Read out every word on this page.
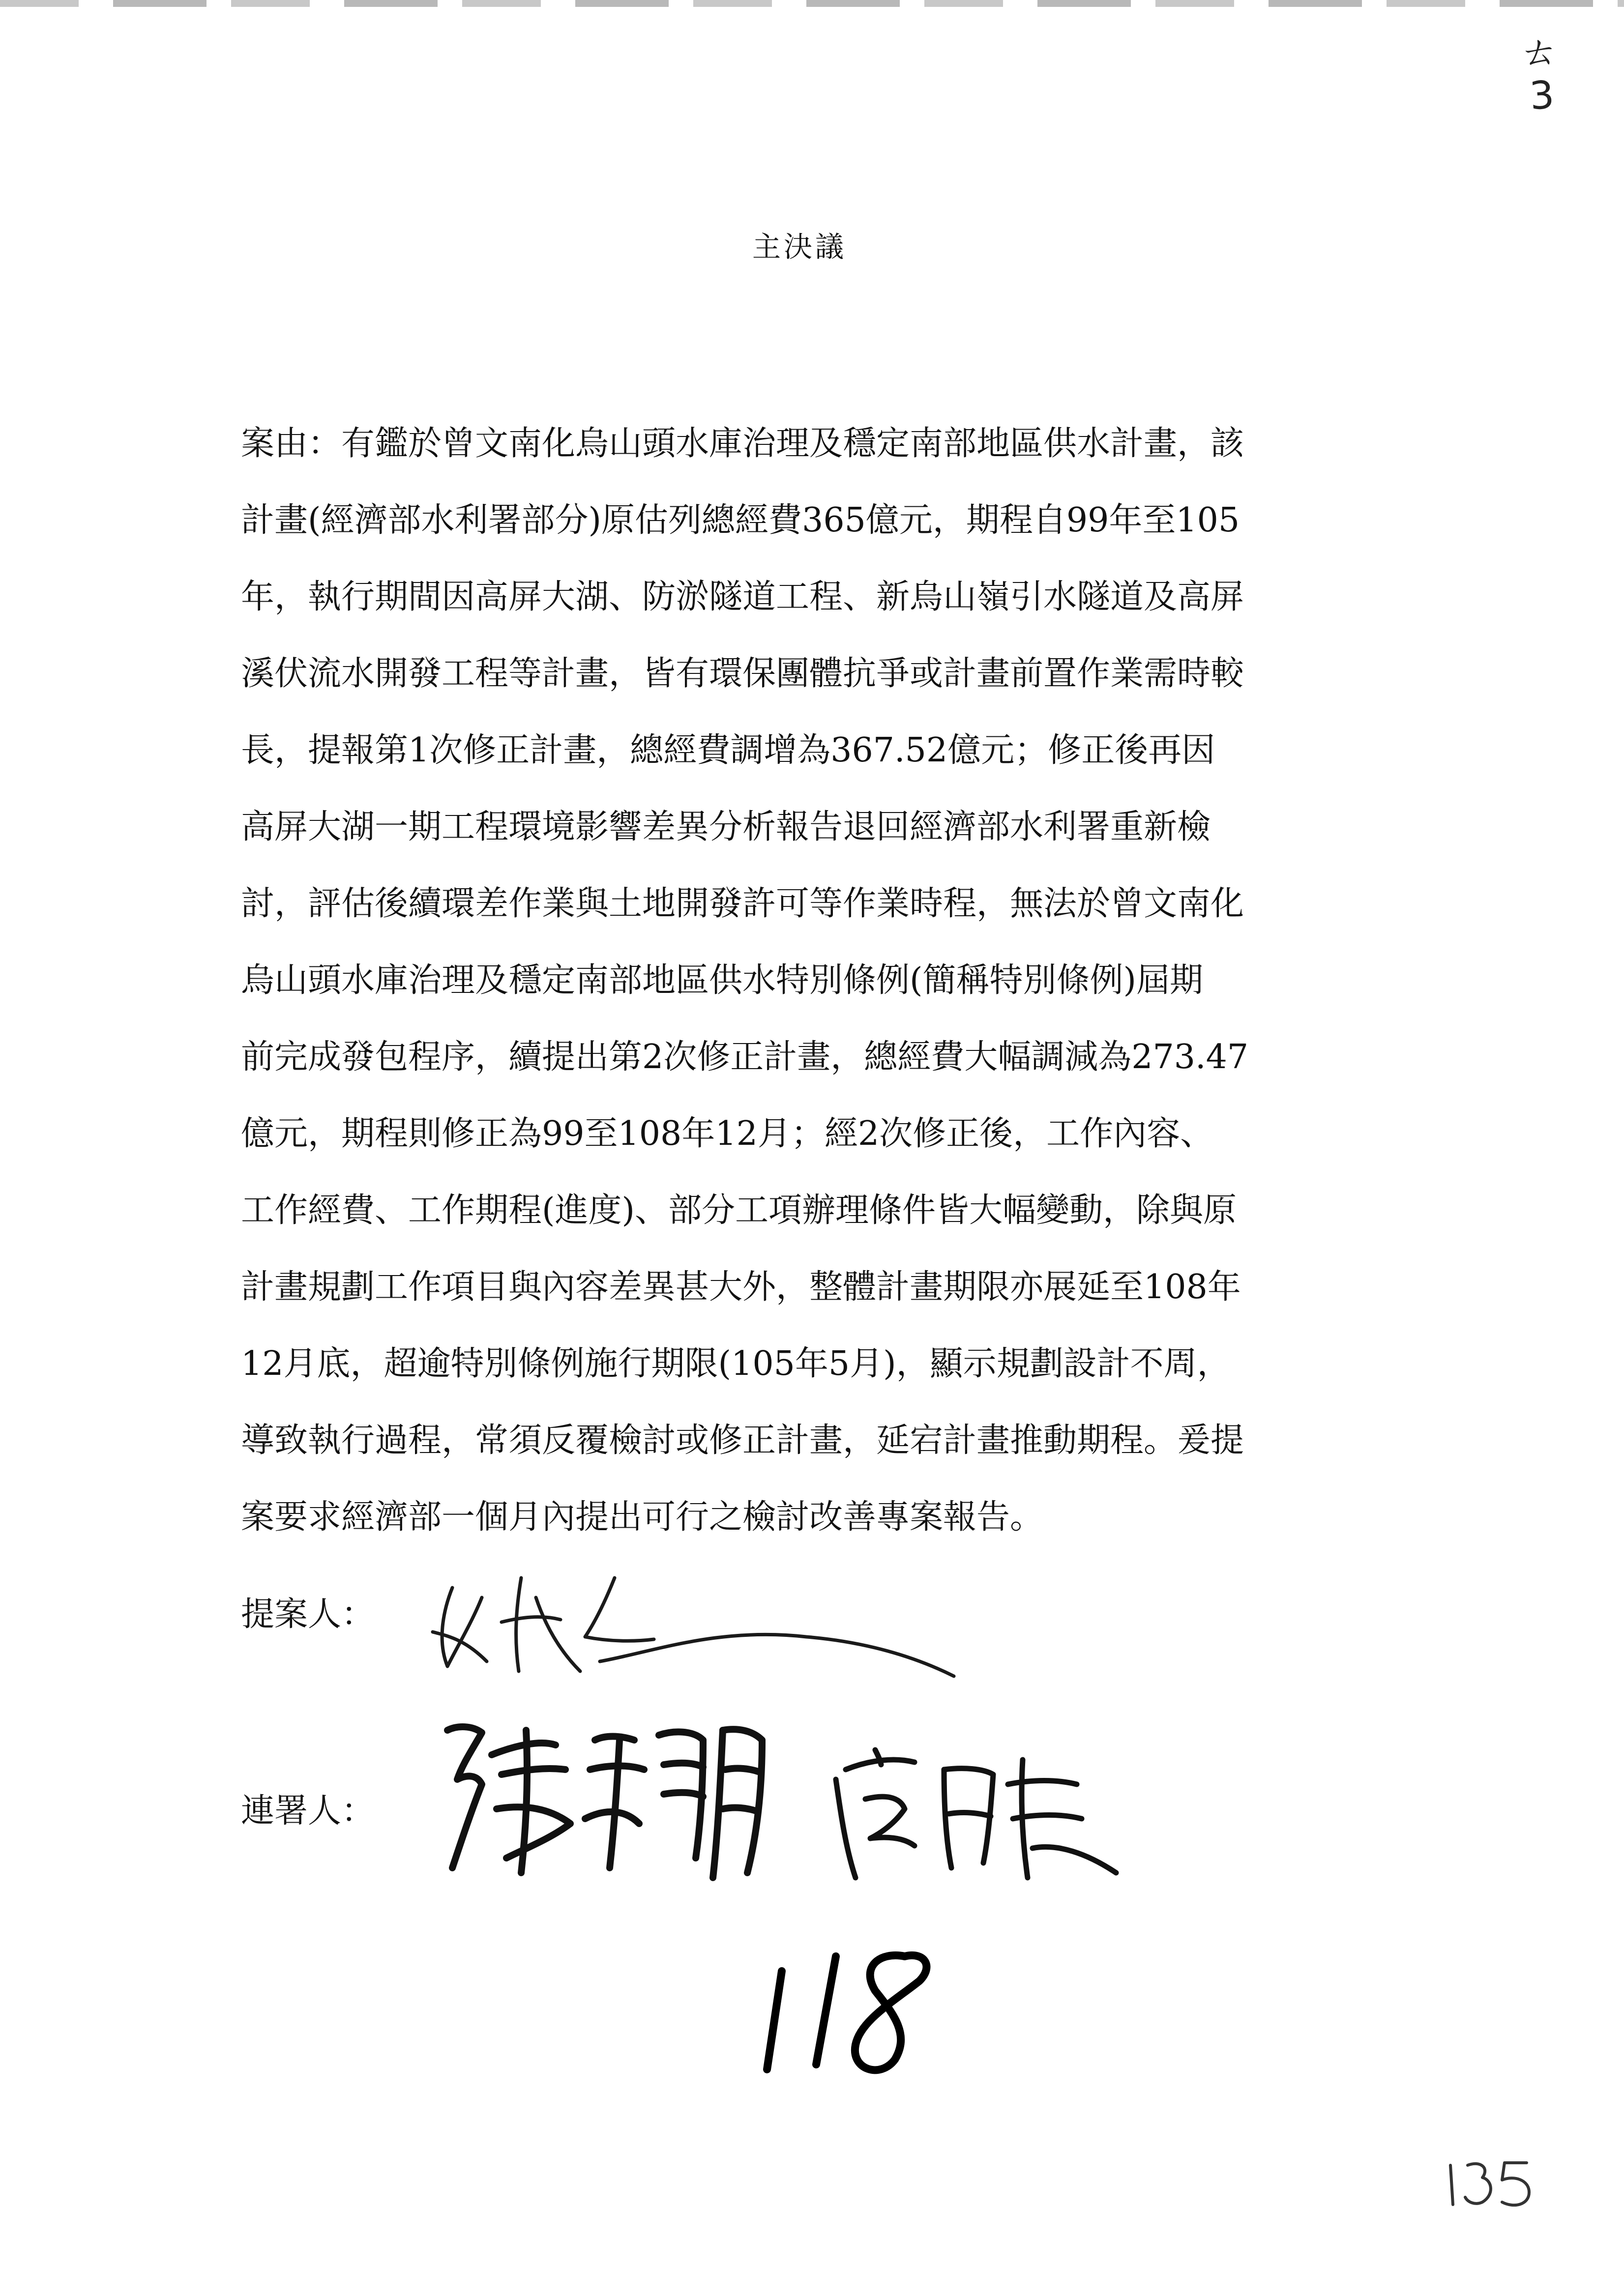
ㄊ
3
主決議
案由：有鑑於曾文南化烏山頭水庫治理及穩定南部地區供水計畫，該
計畫(經濟部水利署部分)原估列總經費365億元，期程自99年至105
年，執行期間因高屏大湖、防淤隧道工程、新烏山嶺引水隧道及高屏
溪伏流水開發工程等計畫，皆有環保團體抗爭或計畫前置作業需時較
長，提報第1次修正計畫，總經費調增為367.52億元；修正後再因
高屏大湖一期工程環境影響差異分析報告退回經濟部水利署重新檢
討，評估後續環差作業與土地開發許可等作業時程，無法於曾文南化
烏山頭水庫治理及穩定南部地區供水特別條例(簡稱特別條例)屆期
前完成發包程序，續提出第2次修正計畫，總經費大幅調減為273.47
億元，期程則修正為99至108年12月；經2次修正後，工作內容、
工作經費、工作期程(進度)、部分工項辦理條件皆大幅變動，除與原
計畫規劃工作項目與內容差異甚大外，整體計畫期限亦展延至108年
12月底，超逾特別條例施行期限(105年5月)，顯示規劃設計不周，
導致執行過程，常須反覆檢討或修正計畫，延宕計畫推動期程。爰提
案要求經濟部一個月內提出可行之檢討改善專案報告。
提案人：
連署人：
